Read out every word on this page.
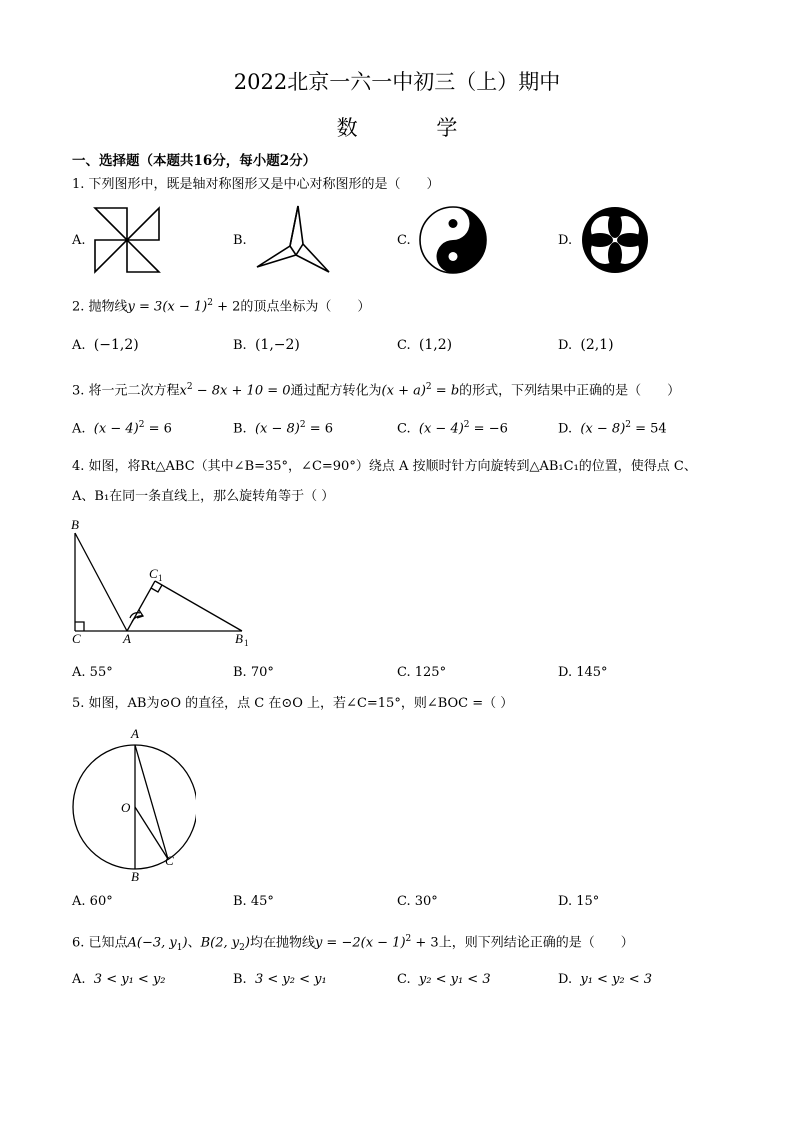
2022北京一六一中初三（上）期中
数 学
一、选择题（本题共16分，每小题2分）
1. 下列图形中，既是轴对称图形又是中心对称图形的是（　　）
A.	B.	C.	D.
2. 抛物线$y = 3(x - 1)^2 + 2$的顶点坐标为（　　）
A. (−1,2)	B. (1,−2)	C. (1,2)	D. (2,1)
3. 将一元二次方程$x^2 - 8x + 10 = 0$通过配方转化为$(x + a)^2 = b$的形式，下列结果中正确的是（　　）
A. $(x - 4)^2 = 6$	B. $(x - 8)^2 = 6$	C. $(x - 4)^2 = -6$	D. $(x - 8)^2 = 54$
4. 如图，将Rt△ABC（其中∠B=35°，∠C=90°）绕点 A 按顺时针方向旋转到△AB₁C₁的位置，使得点 C、
A、B₁在同一条直线上，那么旋转角等于（ ）
B
C	A
C 1
B 1
A. 55°	B. 70°	C. 125°	D. 145°
5. 如图，AB为⊙O 的直径，点 C 在⊙O 上，若∠C=15°，则∠BOC =（ ）
A
O
B
C
A. 60°	B. 45°	C. 30°	D. 15°
6. 已知点A(−3, $y_1$)、B(2, $y_2$)均在抛物线$y = -2(x - 1)^2 + 3$上，则下列结论正确的是（　　）
A. 3 < y₁ < y₂	B. 3 < y₂ < y₁	C. y₂ < y₁ < 3	D. y₁ < y₂ < 3
